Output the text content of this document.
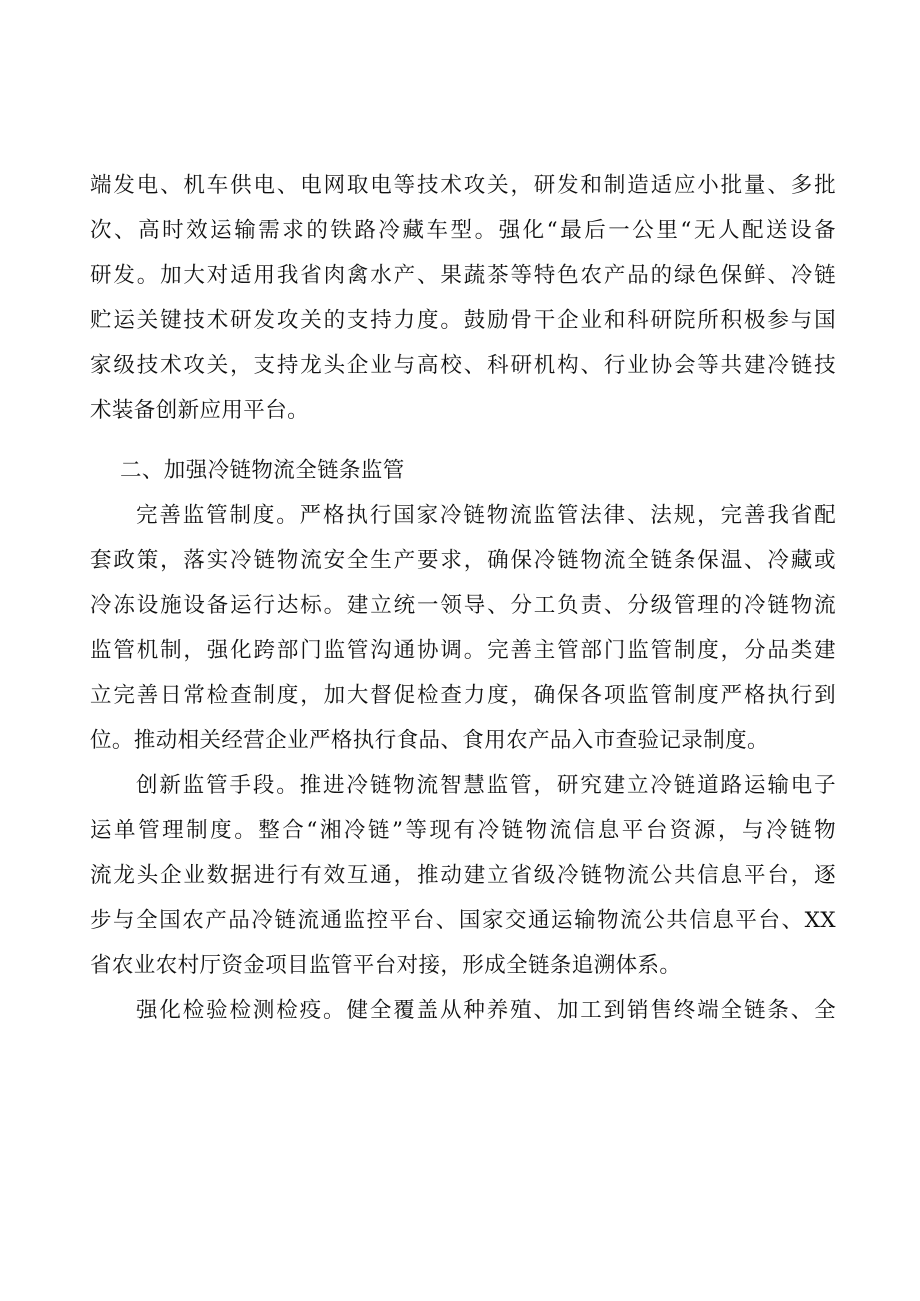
端发电、机车供电、电网取电等技术攻关，研发和制造适应小批量、多批
次、高时效运输需求的铁路冷藏车型。强化“最后一公里“无人配送设备
研发。加大对适用我省肉禽水产、果蔬茶等特色农产品的绿色保鲜、冷链
贮运关键技术研发攻关的支持力度。鼓励骨干企业和科研院所积极参与国
家级技术攻关，支持龙头企业与高校、科研机构、行业协会等共建冷链技
术装备创新应用平台。
二、加强冷链物流全链条监管
完善监管制度。严格执行国家冷链物流监管法律、法规，完善我省配
套政策，落实冷链物流安全生产要求，确保冷链物流全链条保温、冷藏或
冷冻设施设备运行达标。建立统一领导、分工负责、分级管理的冷链物流
监管机制，强化跨部门监管沟通协调。完善主管部门监管制度，分品类建
立完善日常检查制度，加大督促检查力度，确保各项监管制度严格执行到
位。推动相关经营企业严格执行食品、食用农产品入市查验记录制度。
创新监管手段。推进冷链物流智慧监管，研究建立冷链道路运输电子
运单管理制度。整合“湘冷链”等现有冷链物流信息平台资源，与冷链物
流龙头企业数据进行有效互通，推动建立省级冷链物流公共信息平台，逐
步与全国农产品冷链流通监控平台、国家交通运输物流公共信息平台、XX
省农业农村厅资金项目监管平台对接，形成全链条追溯体系。
强化检验检测检疫。健全覆盖从种养殖、加工到销售终端全链条、全
